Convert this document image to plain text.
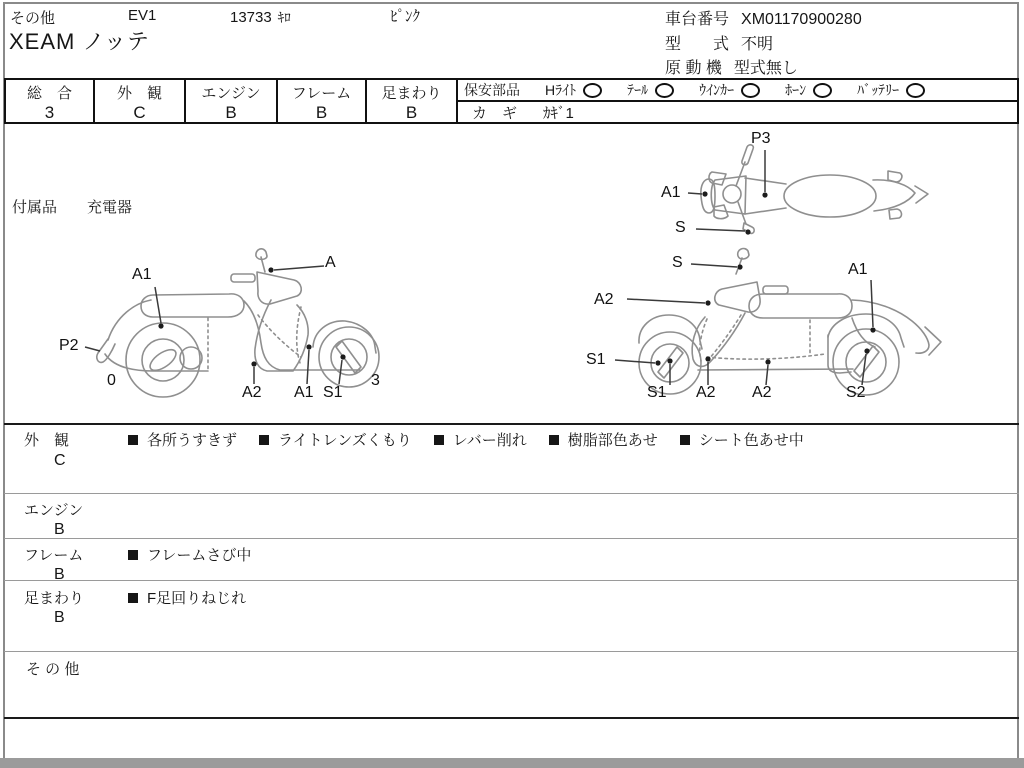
その他	EV1	13733 ｷﾛ	ﾋﾟﾝｸ
XEAM ノッテ
車台番号 XM01170900280
型　　式 不明
原 動 機 型式無し
総　合
3
外　観
C
エンジン
B
フレーム
B
足まわり
B
保安部品 Hﾗｲﾄ	ﾃｰﾙ	ｳｲﾝｶｰ	ﾎｰﾝ	ﾊﾞｯﾃﾘｰ
カ　ギ ｶｷﾞ1
付属品 充電器
P3
A1
S
A1
A
P2
0
A2 A1 S1
3
S
A2
A1
S1
S1 A2 A2	S2
外　観
C
各所うすきず	ライトレンズくもり	レバー削れ	樹脂部色あせ	シート色あせ中
エンジン
B
フレーム
B
フレームさび中
足まわり
B
F足回りねじれ
そ の 他
